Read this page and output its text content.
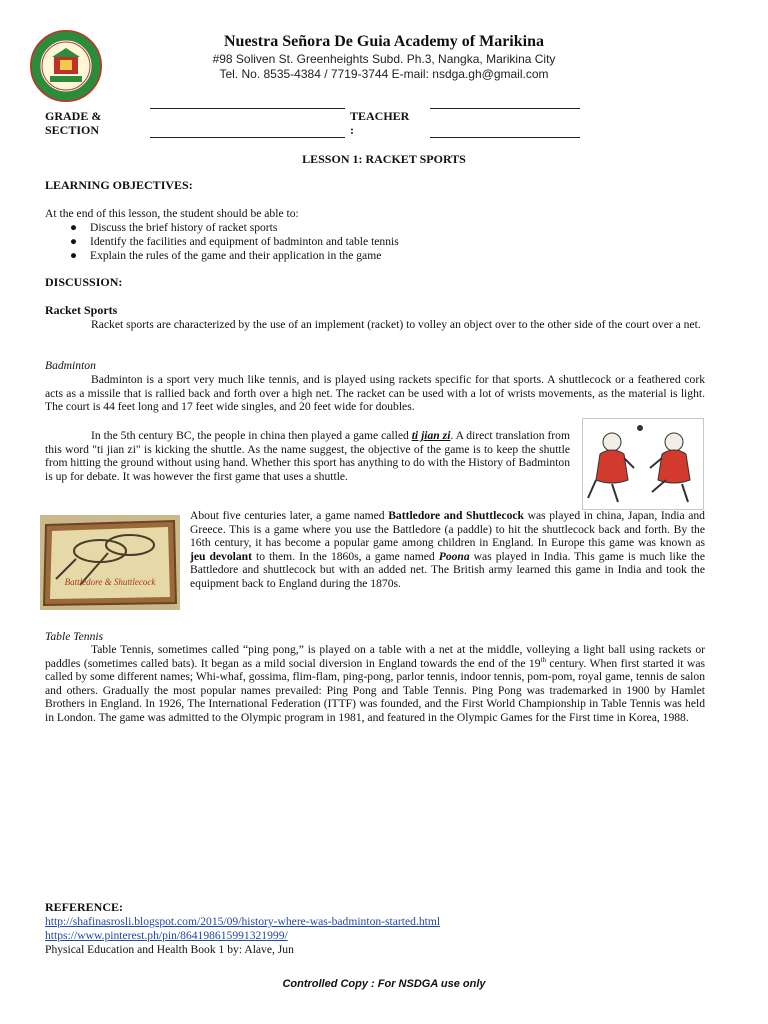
Nuestra Señora De Guia Academy of Marikina
#98 Soliven St. Greenheights Subd. Ph.3, Nangka, Marikina City
Tel. No. 8535-4384 / 7719-3744 E-mail: nsdga.gh@gmail.com
GRADE &
SECTION
TEACHER
:
LESSON 1: RACKET SPORTS
LEARNING OBJECTIVES:
At the end of this lesson, the student should be able to:
● Discuss the brief history of racket sports
● Identify the facilities and equipment of badminton and table tennis
● Explain the rules of the game and their application in the game
DISCUSSION:
Racket Sports

Racket sports are characterized by the use of an implement (racket) to volley an object over to the other side of the court over a net.

Badminton

Badminton is a sport very much like tennis, and is played using rackets specific for that sports. A shuttlecock or a feathered cork acts as a missile that is rallied back and forth over a high net. The racket can be used with a lot of wrists movements, as the material is light. The court is 44 feet long and 17 feet wide singles, and 20 feet wide for doubles.

In the 5th century BC, the people in china then played a game called ti jian zi. A direct translation from this word "ti jian zi" is kicking the shuttle. As the name suggest, the objective of the game is to keep the shuttle from hitting the ground without using hand. Whether this sport has anything to do with the History of Badminton is up for debate. It was however the first game that uses a shuttle.

Battledore & Shuttlecock

About five centuries later, a game named Battledore and Shuttlecock was played in china, Japan, India and Greece. This is a game where you use the Battledore (a paddle) to hit the shuttlecock back and forth. By the 16th century, it has become a popular game among children in England. In Europe this game was known as jeu devolant to them. In the 1860s, a game named Poona was played in India. This game is much like the Battledore and shuttlecock but with an added net. The British army learned this game in India and took the equipment back to England during the 1870s.

Table Tennis

Table Tennis, sometimes called “ping pong,” is played on a table with a net at the middle, volleying a light ball using rackets or paddles (sometimes called bats). It began as a mild social diversion in England towards the end of the 19th century. When first started it was called by some different names; Whi-whaf, gossima, flim-flam, ping-pong, parlor tennis, indoor tennis, pom-pom, royal game, tennis de salon and others. Gradually the most popular names prevailed: Ping Pong and Table Tennis. Ping Pong was trademarked in 1900 by Hamlet Brothers in England. In 1926, The International Federation (ITTF) was founded, and the First World Championship in Table Tennis was held in London. The game was admitted to the Olympic program in 1981, and featured in the Olympic Games for the First time in Korea, 1988.

REFERENCE:
http://shafinasrosli.blogspot.com/2015/09/history-where-was-badminton-started.html
https://www.pinterest.ph/pin/864198615991321999/
Physical Education and Health Book 1 by: Alave, Jun
Controlled Copy : For NSDGA use only
